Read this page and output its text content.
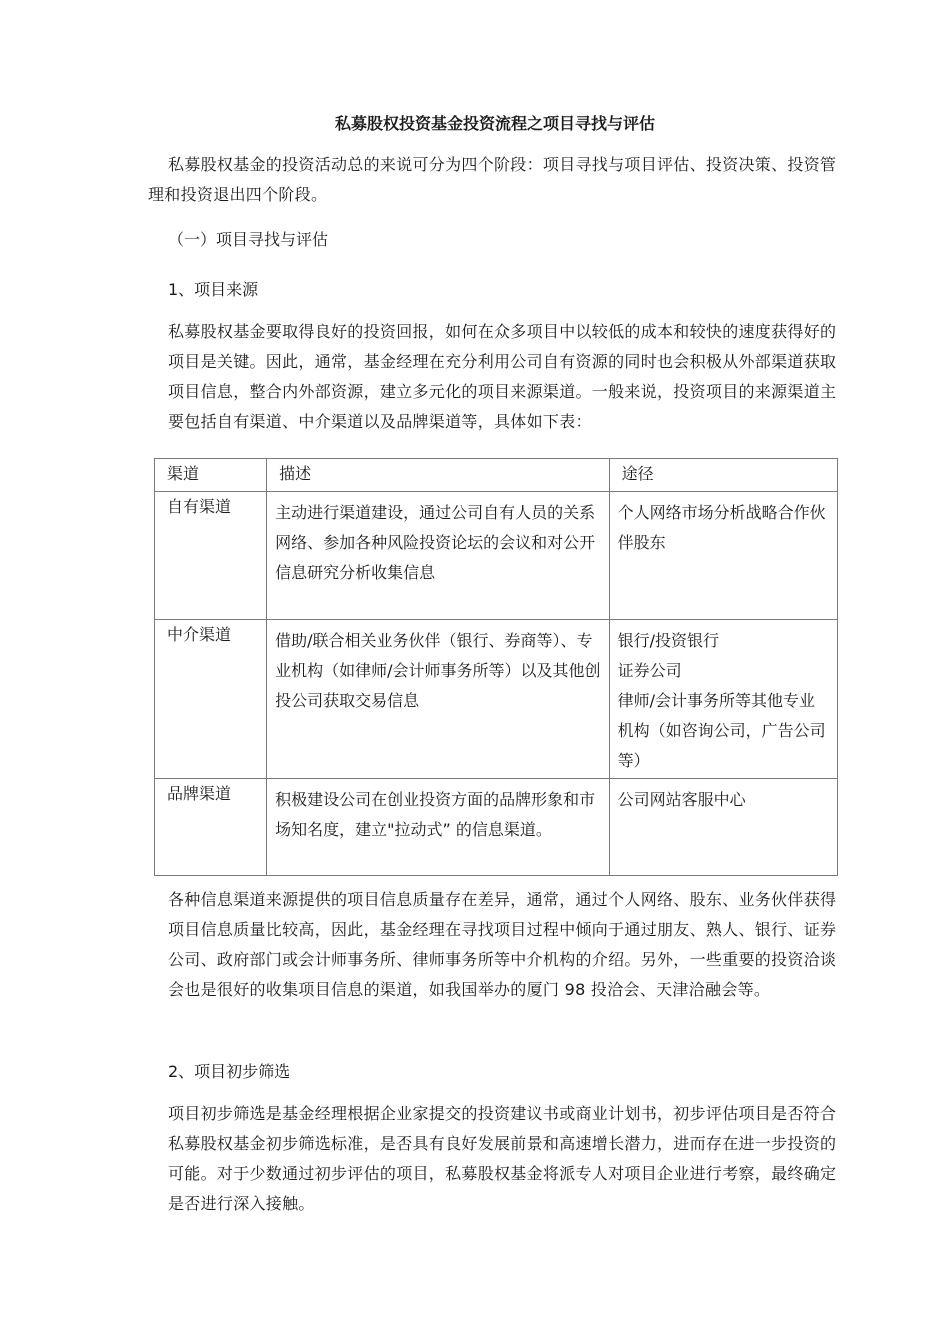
私募股权投资基金投资流程之项目寻找与评估

私募股权基金的投资活动总的来说可分为四个阶段：项目寻找与项目评估、投资决策、投资管理和投资退出四个阶段。

（一）项目寻找与评估

1、项目来源

私募股权基金要取得良好的投资回报，如何在众多项目中以较低的成本和较快的速度获得好的项目是关键。因此，通常，基金经理在充分利用公司自有资源的同时也会积极从外部渠道获取项目信息，整合内外部资源，建立多元化的项目来源渠道。一般来说，投资项目的来源渠道主要包括自有渠道、中介渠道以及品牌渠道等，具体如下表：

渠道	描述	途径
自有渠道	主动进行渠道建设，通过公司自有人员的关系网络、参加各种风险投资论坛的会议和对公开信息研究分析收集信息	个人网络市场分析战略合作伙伴股东

中介渠道	借助/联合相关业务伙伴（银行、券商等）、专业机构（如律师/会计师事务所等）以及其他创投公司获取交易信息	银行/投资银行
证券公司
律师/会计事务所等其他专业机构（如咨询公司，广告公司等）

品牌渠道	积极建设公司在创业投资方面的品牌形象和市场知名度，建立"拉动式” 的信息渠道。	公司网站客服中心

各种信息渠道来源提供的项目信息质量存在差异，通常，通过个人网络、股东、业务伙伴获得项目信息质量比较高，因此，基金经理在寻找项目过程中倾向于通过朋友、熟人、银行、证券公司、政府部门或会计师事务所、律师事务所等中介机构的介绍。另外，一些重要的投资洽谈会也是很好的收集项目信息的渠道，如我国举办的厦门 98 投洽会、天津洽融会等。

2、项目初步筛选

项目初步筛选是基金经理根据企业家提交的投资建议书或商业计划书，初步评估项目是否符合私募股权基金初步筛选标准，是否具有良好发展前景和高速增长潜力，进而存在进一步投资的可能。对于少数通过初步评估的项目，私募股权基金将派专人对项目企业进行考察，最终确定是否进行深入接触。
